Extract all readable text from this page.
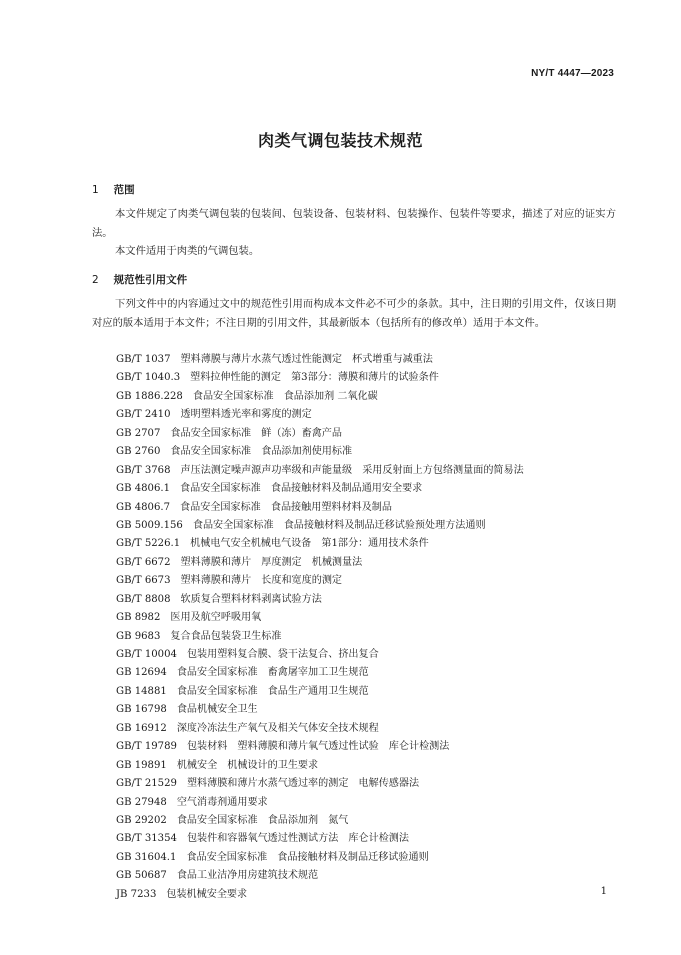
NY/T 4447—2023
肉类气调包装技术规范
1 范围
本文件规定了肉类气调包装的包装间、包装设备、包装材料、包装操作、包装件等要求，描述了对应的证实方法。
本文件适用于肉类的气调包装。
2 规范性引用文件
下列文件中的内容通过文中的规范性引用而构成本文件必不可少的条款。其中，注日期的引用文件，仅该日期对应的版本适用于本文件；不注日期的引用文件，其最新版本（包括所有的修改单）适用于本文件。
GB/T 1037 塑料薄膜与薄片水蒸气透过性能测定　杯式增重与减重法
GB/T 1040.3 塑料拉伸性能的测定　第3部分：薄膜和薄片的试验条件
GB 1886.228 食品安全国家标准　食品添加剂 二氧化碳
GB/T 2410 透明塑料透光率和雾度的测定
GB 2707 食品安全国家标准　鲜（冻）畜禽产品
GB 2760 食品安全国家标准　食品添加剂使用标准
GB/T 3768 声压法测定噪声源声功率级和声能量级　采用反射面上方包络测量面的简易法
GB 4806.1 食品安全国家标准　食品接触材料及制品通用安全要求
GB 4806.7 食品安全国家标准　食品接触用塑料材料及制品
GB 5009.156 食品安全国家标准　食品接触材料及制品迁移试验预处理方法通则
GB/T 5226.1 机械电气安全机械电气设备　第1部分：通用技术条件
GB/T 6672 塑料薄膜和薄片　厚度测定　机械测量法
GB/T 6673 塑料薄膜和薄片　长度和宽度的测定
GB/T 8808 软质复合塑料材料剥离试验方法
GB 8982 医用及航空呼吸用氧
GB 9683 复合食品包装袋卫生标准
GB/T 10004 包装用塑料复合膜、袋干法复合、挤出复合
GB 12694 食品安全国家标准　畜禽屠宰加工卫生规范
GB 14881 食品安全国家标准　食品生产通用卫生规范
GB 16798 食品机械安全卫生
GB 16912 深度冷冻法生产氧气及相关气体安全技术规程
GB/T 19789 包装材料　塑料薄膜和薄片氧气透过性试验　库仑计检测法
GB 19891 机械安全　机械设计的卫生要求
GB/T 21529 塑料薄膜和薄片水蒸气透过率的测定　电解传感器法
GB 27948 空气消毒剂通用要求
GB 29202 食品安全国家标准　食品添加剂　氮气
GB/T 31354 包装件和容器氧气透过性测试方法　库仑计检测法
GB 31604.1 食品安全国家标准　食品接触材料及制品迁移试验通则
GB 50687 食品工业洁净用房建筑技术规范
JB 7233 包装机械安全要求	1
